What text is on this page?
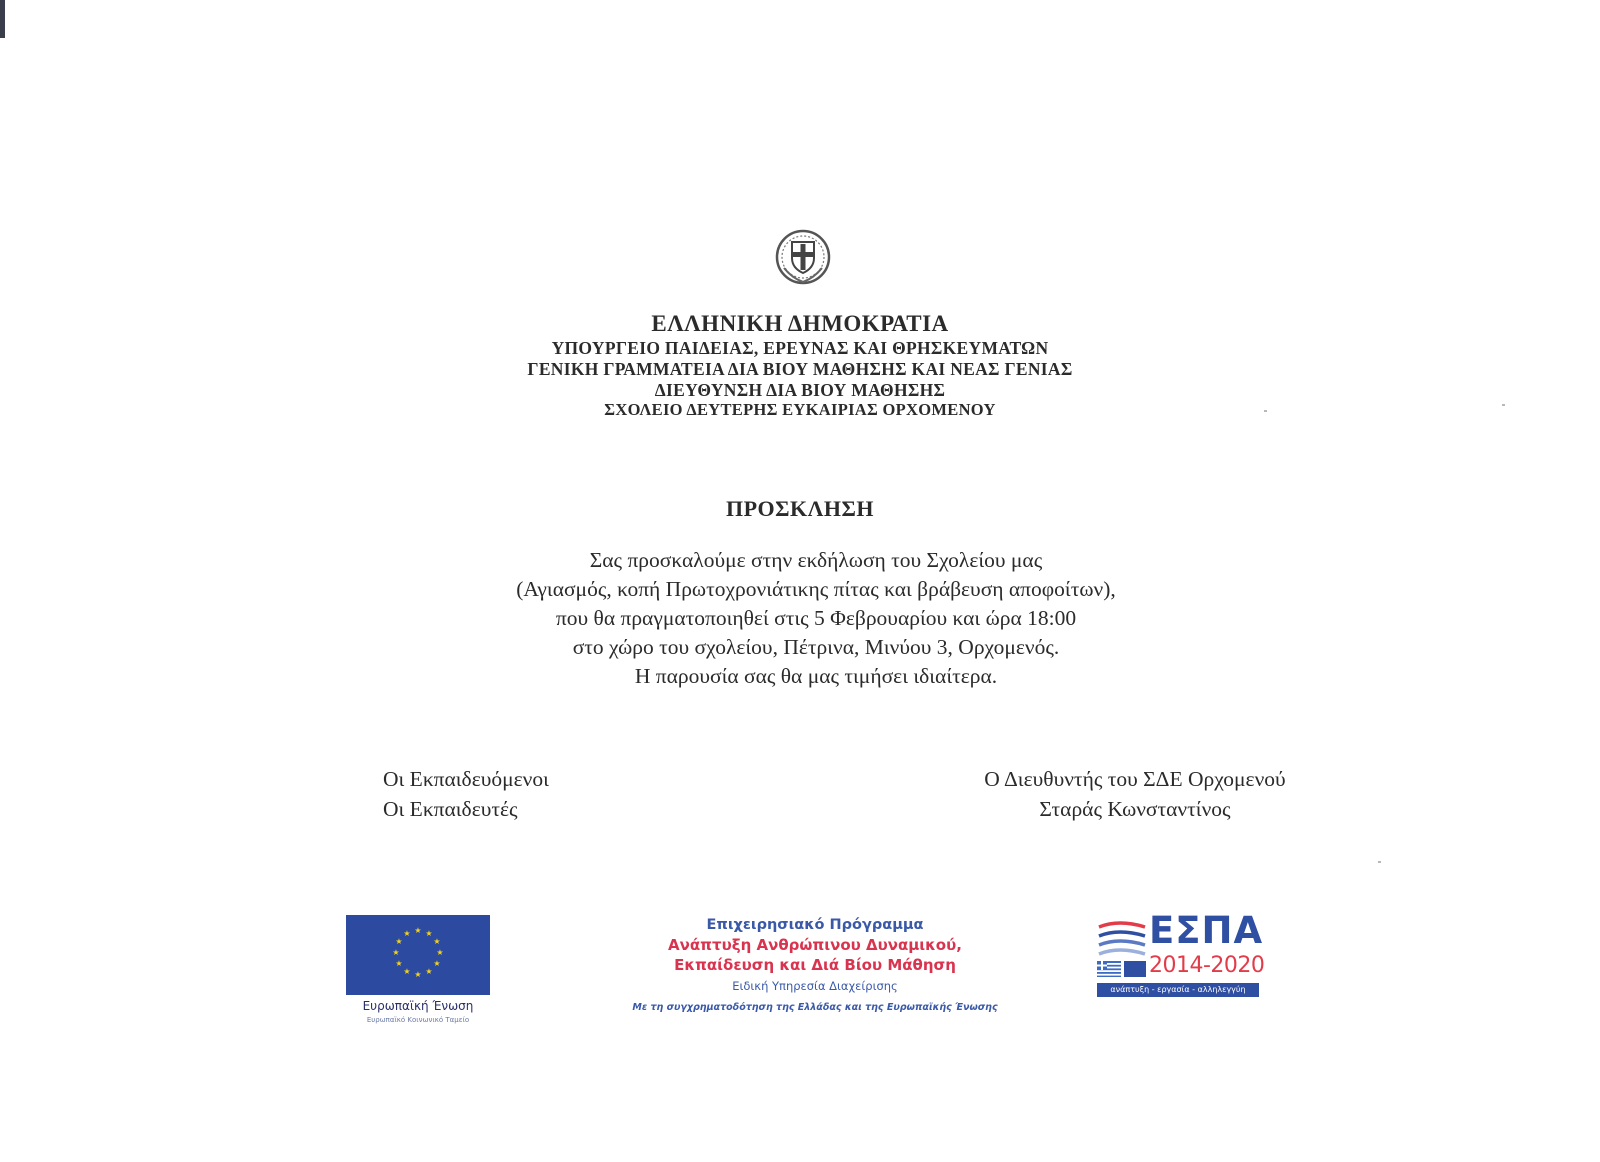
ΕΛΛΗΝΙΚΗ ΔΗΜΟΚΡΑΤΙΑ
ΥΠΟΥΡΓΕΙΟ ΠΑΙΔΕΙΑΣ, ΕΡΕΥΝΑΣ ΚΑΙ ΘΡΗΣΚΕΥΜΑΤΩΝ
ΓΕΝΙΚΗ ΓΡΑΜΜΑΤΕΙΑ ΔΙΑ ΒΙΟΥ ΜΑΘΗΣΗΣ ΚΑΙ ΝΕΑΣ ΓΕΝΙΑΣ
ΔΙΕΥΘΥΝΣΗ ΔΙΑ ΒΙΟΥ ΜΑΘΗΣΗΣ
ΣΧΟΛΕΙΟ ΔΕΥΤΕΡΗΣ ΕΥΚΑΙΡΙΑΣ ΟΡΧΟΜΕΝΟΥ
ΠΡΟΣΚΛΗΣΗ
Σας προσκαλούμε στην εκδήλωση του Σχολείου μας
(Αγιασμός, κοπή Πρωτοχρονιάτικης πίτας και βράβευση αποφοίτων),
που θα πραγματοποιηθεί στις 5 Φεβρουαρίου και ώρα 18:00
στο χώρο του σχολείου, Πέτρινα, Μινύου 3, Ορχομενός.
Η παρουσία σας θα μας τιμήσει ιδιαίτερα.
Οι Εκπαιδευόμενοι
Οι Εκπαιδευτές
Ο Διευθυντής του ΣΔΕ Ορχομενού
Σταράς Κωνσταντίνος
★ ★
★
★
★
★
★
★
★
★
★
★
Ευρωπαϊκή Ένωση
Ευρωπαϊκό Κοινωνικό Ταμείο
Επιχειρησιακό Πρόγραμμα
Ανάπτυξη Ανθρώπινου Δυναμικού,
Εκπαίδευση και Διά Βίου Μάθηση
Ειδική Υπηρεσία Διαχείρισης
Με τη συγχρηματοδότηση της Ελλάδας και της Ευρωπαϊκής Ένωσης
ΕΣΠΑ
2014-2020
ανάπτυξη - εργασία - αλληλεγγύη
